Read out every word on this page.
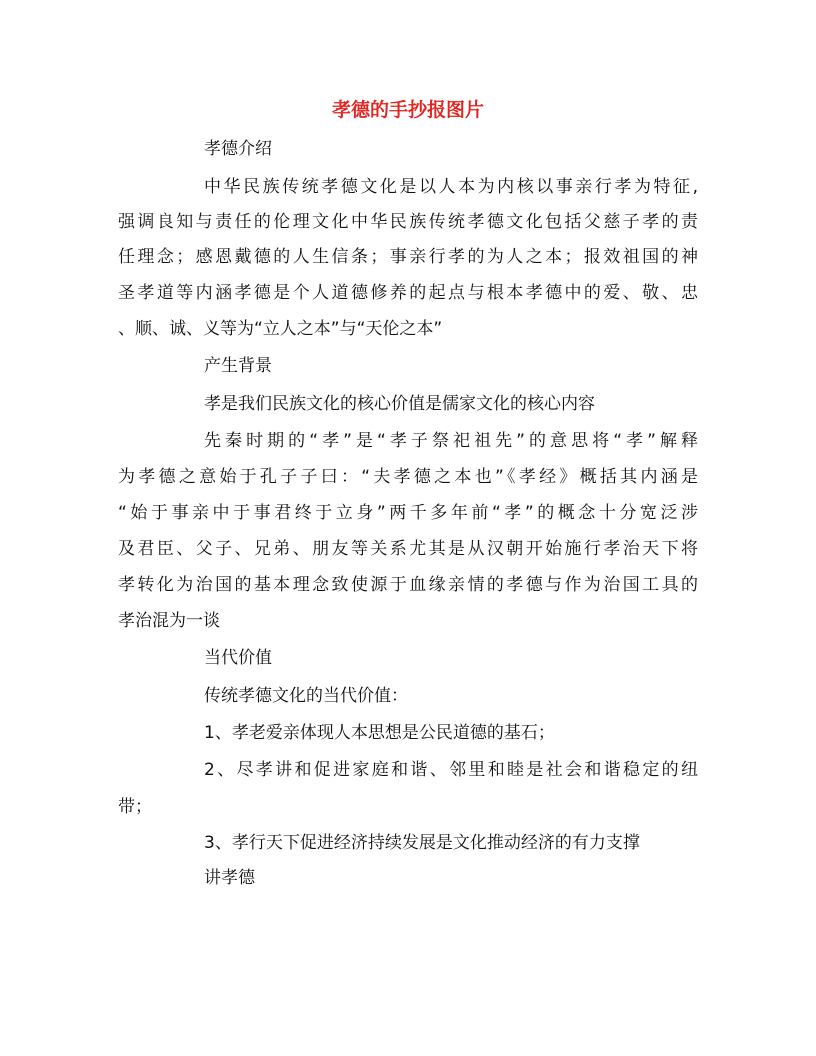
孝德的手抄报图片
孝德介绍
中华民族传统孝德文化是以人本为内核以事亲行孝为特征,
强调良知与责任的伦理文化中华民族传统孝德文化包括父慈子孝的责
任理念；感恩戴德的人生信条；事亲行孝的为人之本；报效祖国的神
圣孝道等内涵孝德是个人道德修养的起点与根本孝德中的爱、敬、忠
、顺、诚、义等为“立人之本”与“天伦之本”
产生背景
孝是我们民族文化的核心价值是儒家文化的核心内容
先秦时期的“孝”是“孝子祭祀祖先”的意思将“孝”解释
为孝德之意始于孔子子曰：“夫孝德之本也”《孝经》概括其内涵是
“始于事亲中于事君终于立身”两千多年前“孝”的概念十分宽泛涉
及君臣、父子、兄弟、朋友等关系尤其是从汉朝开始施行孝治天下将
孝转化为治国的基本理念致使源于血缘亲情的孝德与作为治国工具的
孝治混为一谈
当代价值
传统孝德文化的当代价值：
1、孝老爱亲体现人本思想是公民道德的基石；
2、尽孝讲和促进家庭和谐、邻里和睦是社会和谐稳定的纽
带；
3、孝行天下促进经济持续发展是文化推动经济的有力支撑
讲孝德
